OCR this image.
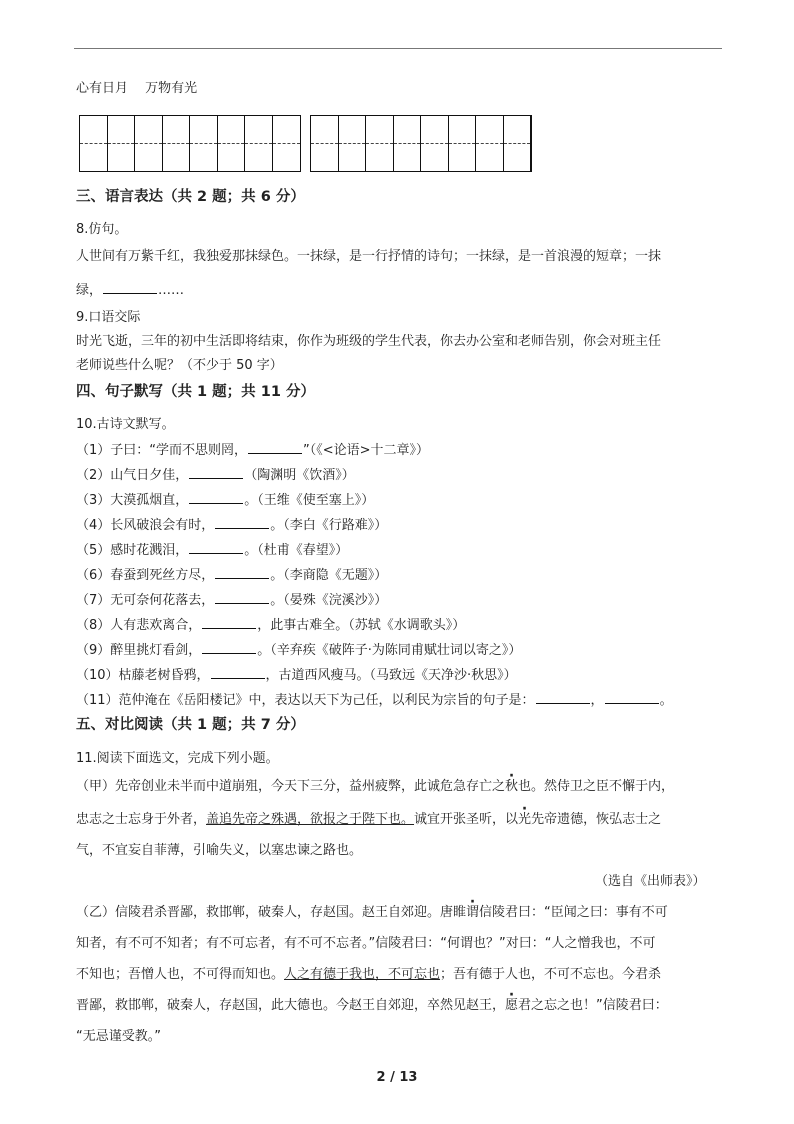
心有日月　 万物有光
三、语言表达（共 2 题；共 6 分）
8.仿句。
人世间有万紫千红，我独爱那抹绿色。一抹绿，是一行抒情的诗句；一抹绿，是一首浪漫的短章；一抹
绿，	……
9.口语交际
时光飞逝，三年的初中生活即将结束，你作为班级的学生代表，你去办公室和老师告别，你会对班主任
老师说些什么呢？（不少于 50 字）
四、句子默写（共 1 题；共 11 分）
10.古诗文默写。
（1）子曰：“学而不思则罔，	”（《<论语>十二章》）
（2）山气日夕佳，	（陶渊明《饮酒》）
（3）大漠孤烟直，	。（王维《使至塞上》）
（4）长风破浪会有时，	。（李白《行路难》）
（5）感时花溅泪，	。（杜甫《春望》）
（6）春蚕到死丝方尽，	。（李商隐《无题》）
（7）无可奈何花落去，	。（晏殊《浣溪沙》）
（8）人有悲欢离合，	，此事古难全。（苏轼《水调歌头》）
（9）醉里挑灯看剑，	。（辛弃疾《破阵子·为陈同甫赋壮词以寄之》）
（10）枯藤老树昏鸦，	，古道西风瘦马。（马致远《天净沙·秋思》）
（11）范仲淹在《岳阳楼记》中，表达以天下为己任，以利民为宗旨的句子是：	，	。
五、对比阅读（共 1 题；共 7 分）
11.阅读下面选文，完成下列小题。
（甲）先帝创业未半而中道崩殂，今天下三分，益州疲弊，此诚危急存亡之秋也。然侍卫之臣不懈于内，
忠志之士忘身于外者，盖追先帝之殊遇，欲报之于陛下也。诚宜开张圣听，以光先帝遗德，恢弘志士之
气，不宜妄自菲薄，引喻失义，以塞忠谏之路也。
（选自《出师表》）
（乙）信陵君杀晋鄙，救邯郸，破秦人，存赵国。赵王自郊迎。唐睢谓信陵君曰：“臣闻之曰：事有不可
知者，有不可不知者；有不可忘者，有不可不忘者。”信陵君曰：“何谓也？”对曰：“人之憎我也，不可
不知也；吾憎人也，不可得而知也。人之有德于我也，不可忘也；吾有德于人也，不可不忘也。今君杀
晋鄙，救邯郸，破秦人，存赵国，此大德也。今赵王自郊迎，卒然见赵王，愿君之忘之也！”信陵君曰：
“无忌谨受教。”
2 / 13
